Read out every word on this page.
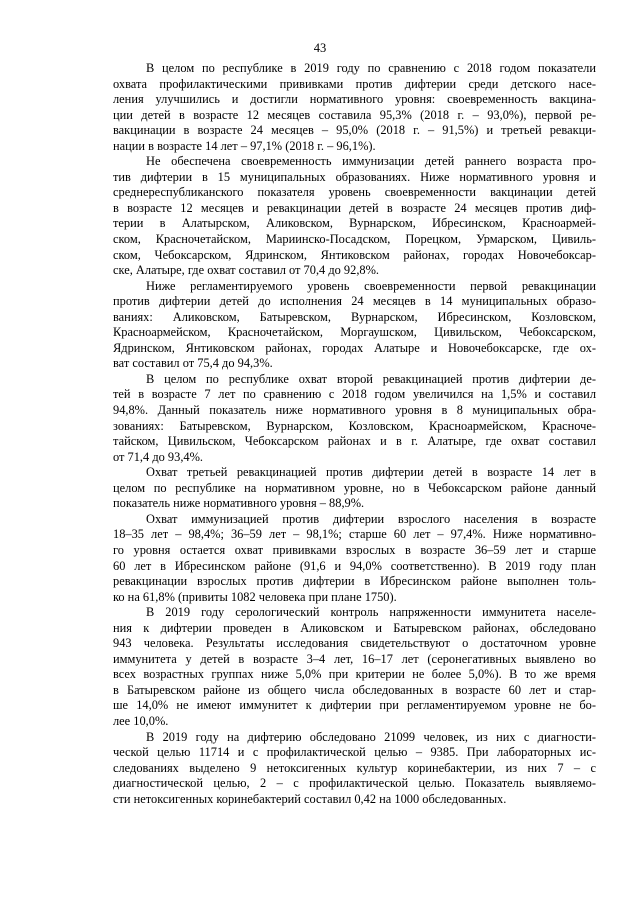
43
В целом по республике в 2019 году по сравнению с 2018 годом показатели
охвата профилактическими прививками против дифтерии среди детского насе-
ления улучшились и достигли нормативного уровня: своевременность вакцина-
ции детей в возрасте 12 месяцев составила 95,3% (2018 г. – 93,0%), первой ре-
вакцинации в возрасте 24 месяцев – 95,0% (2018 г. – 91,5%) и третьей ревакци-
нации в возрасте 14 лет – 97,1% (2018 г. – 96,1%).
Не обеспечена своевременность иммунизации детей раннего возраста про-
тив дифтерии в 15 муниципальных образованиях. Ниже нормативного уровня и
среднереспубликанского показателя уровень своевременности вакцинации детей
в возрасте 12 месяцев и ревакцинации детей в возрасте 24 месяцев против диф-
терии в Алатырском, Аликовском, Вурнарском, Ибресинском, Красноармей-
ском, Красночетайском, Мариинско-Посадском, Порецком, Урмарском, Цивиль-
ском, Чебоксарском, Ядринском, Янтиковском районах, городах Новочебоксар-
ске, Алатыре, где охват составил от 70,4 до 92,8%.
Ниже регламентируемого уровень своевременности первой ревакцинации
против дифтерии детей до исполнения 24 месяцев в 14 муниципальных образо-
ваниях: Аликовском, Батыревском, Вурнарском, Ибресинском, Козловском,
Красноармейском, Красночетайском, Моргаушском, Цивильском, Чебоксарском,
Ядринском, Янтиковском районах, городах Алатыре и Новочебоксарске, где ох-
ват составил от 75,4 до 94,3%.
В целом по республике охват второй ревакцинацией против дифтерии де-
тей в возрасте 7 лет по сравнению с 2018 годом увеличился на 1,5% и составил
94,8%. Данный показатель ниже нормативного уровня в 8 муниципальных обра-
зованиях: Батыревском, Вурнарском, Козловском, Красноармейском, Красноче-
тайском, Цивильском, Чебоксарском районах и в г. Алатыре, где охват составил
от 71,4 до 93,4%.
Охват третьей ревакцинацией против дифтерии детей в возрасте 14 лет в
целом по республике на нормативном уровне, но в Чебоксарском районе данный
показатель ниже нормативного уровня – 88,9%.
Охват иммунизацией против дифтерии взрослого населения в возрасте
18–35 лет – 98,4%; 36–59 лет – 98,1%; старше 60 лет – 97,4%. Ниже нормативно-
го уровня остается охват прививками взрослых в возрасте 36–59 лет и старше
60 лет в Ибресинском районе (91,6 и 94,0% соответственно). В 2019 году план
ревакцинации взрослых против дифтерии в Ибресинском районе выполнен толь-
ко на 61,8% (привиты 1082 человека при плане 1750).
В 2019 году серологический контроль напряженности иммунитета населе-
ния к дифтерии проведен в Аликовском и Батыревском районах, обследовано
943 человека. Результаты исследования свидетельствуют о достаточном уровне
иммунитета у детей в возрасте 3–4 лет, 16–17 лет (серонегативных выявлено во
всех возрастных группах ниже 5,0% при критерии не более 5,0%). В то же время
в Батыревском районе из общего числа обследованных в возрасте 60 лет и стар-
ше 14,0% не имеют иммунитет к дифтерии при регламентируемом уровне не бо-
лее 10,0%.
В 2019 году на дифтерию обследовано 21099 человек, из них с диагности-
ческой целью 11714 и с профилактической целью – 9385. При лабораторных ис-
следованиях выделено 9 нетоксигенных культур коринебактерии, из них 7 – с
диагностической целью, 2 – с профилактической целью. Показатель выявляемо-
сти нетоксигенных коринебактерий составил 0,42 на 1000 обследованных.
